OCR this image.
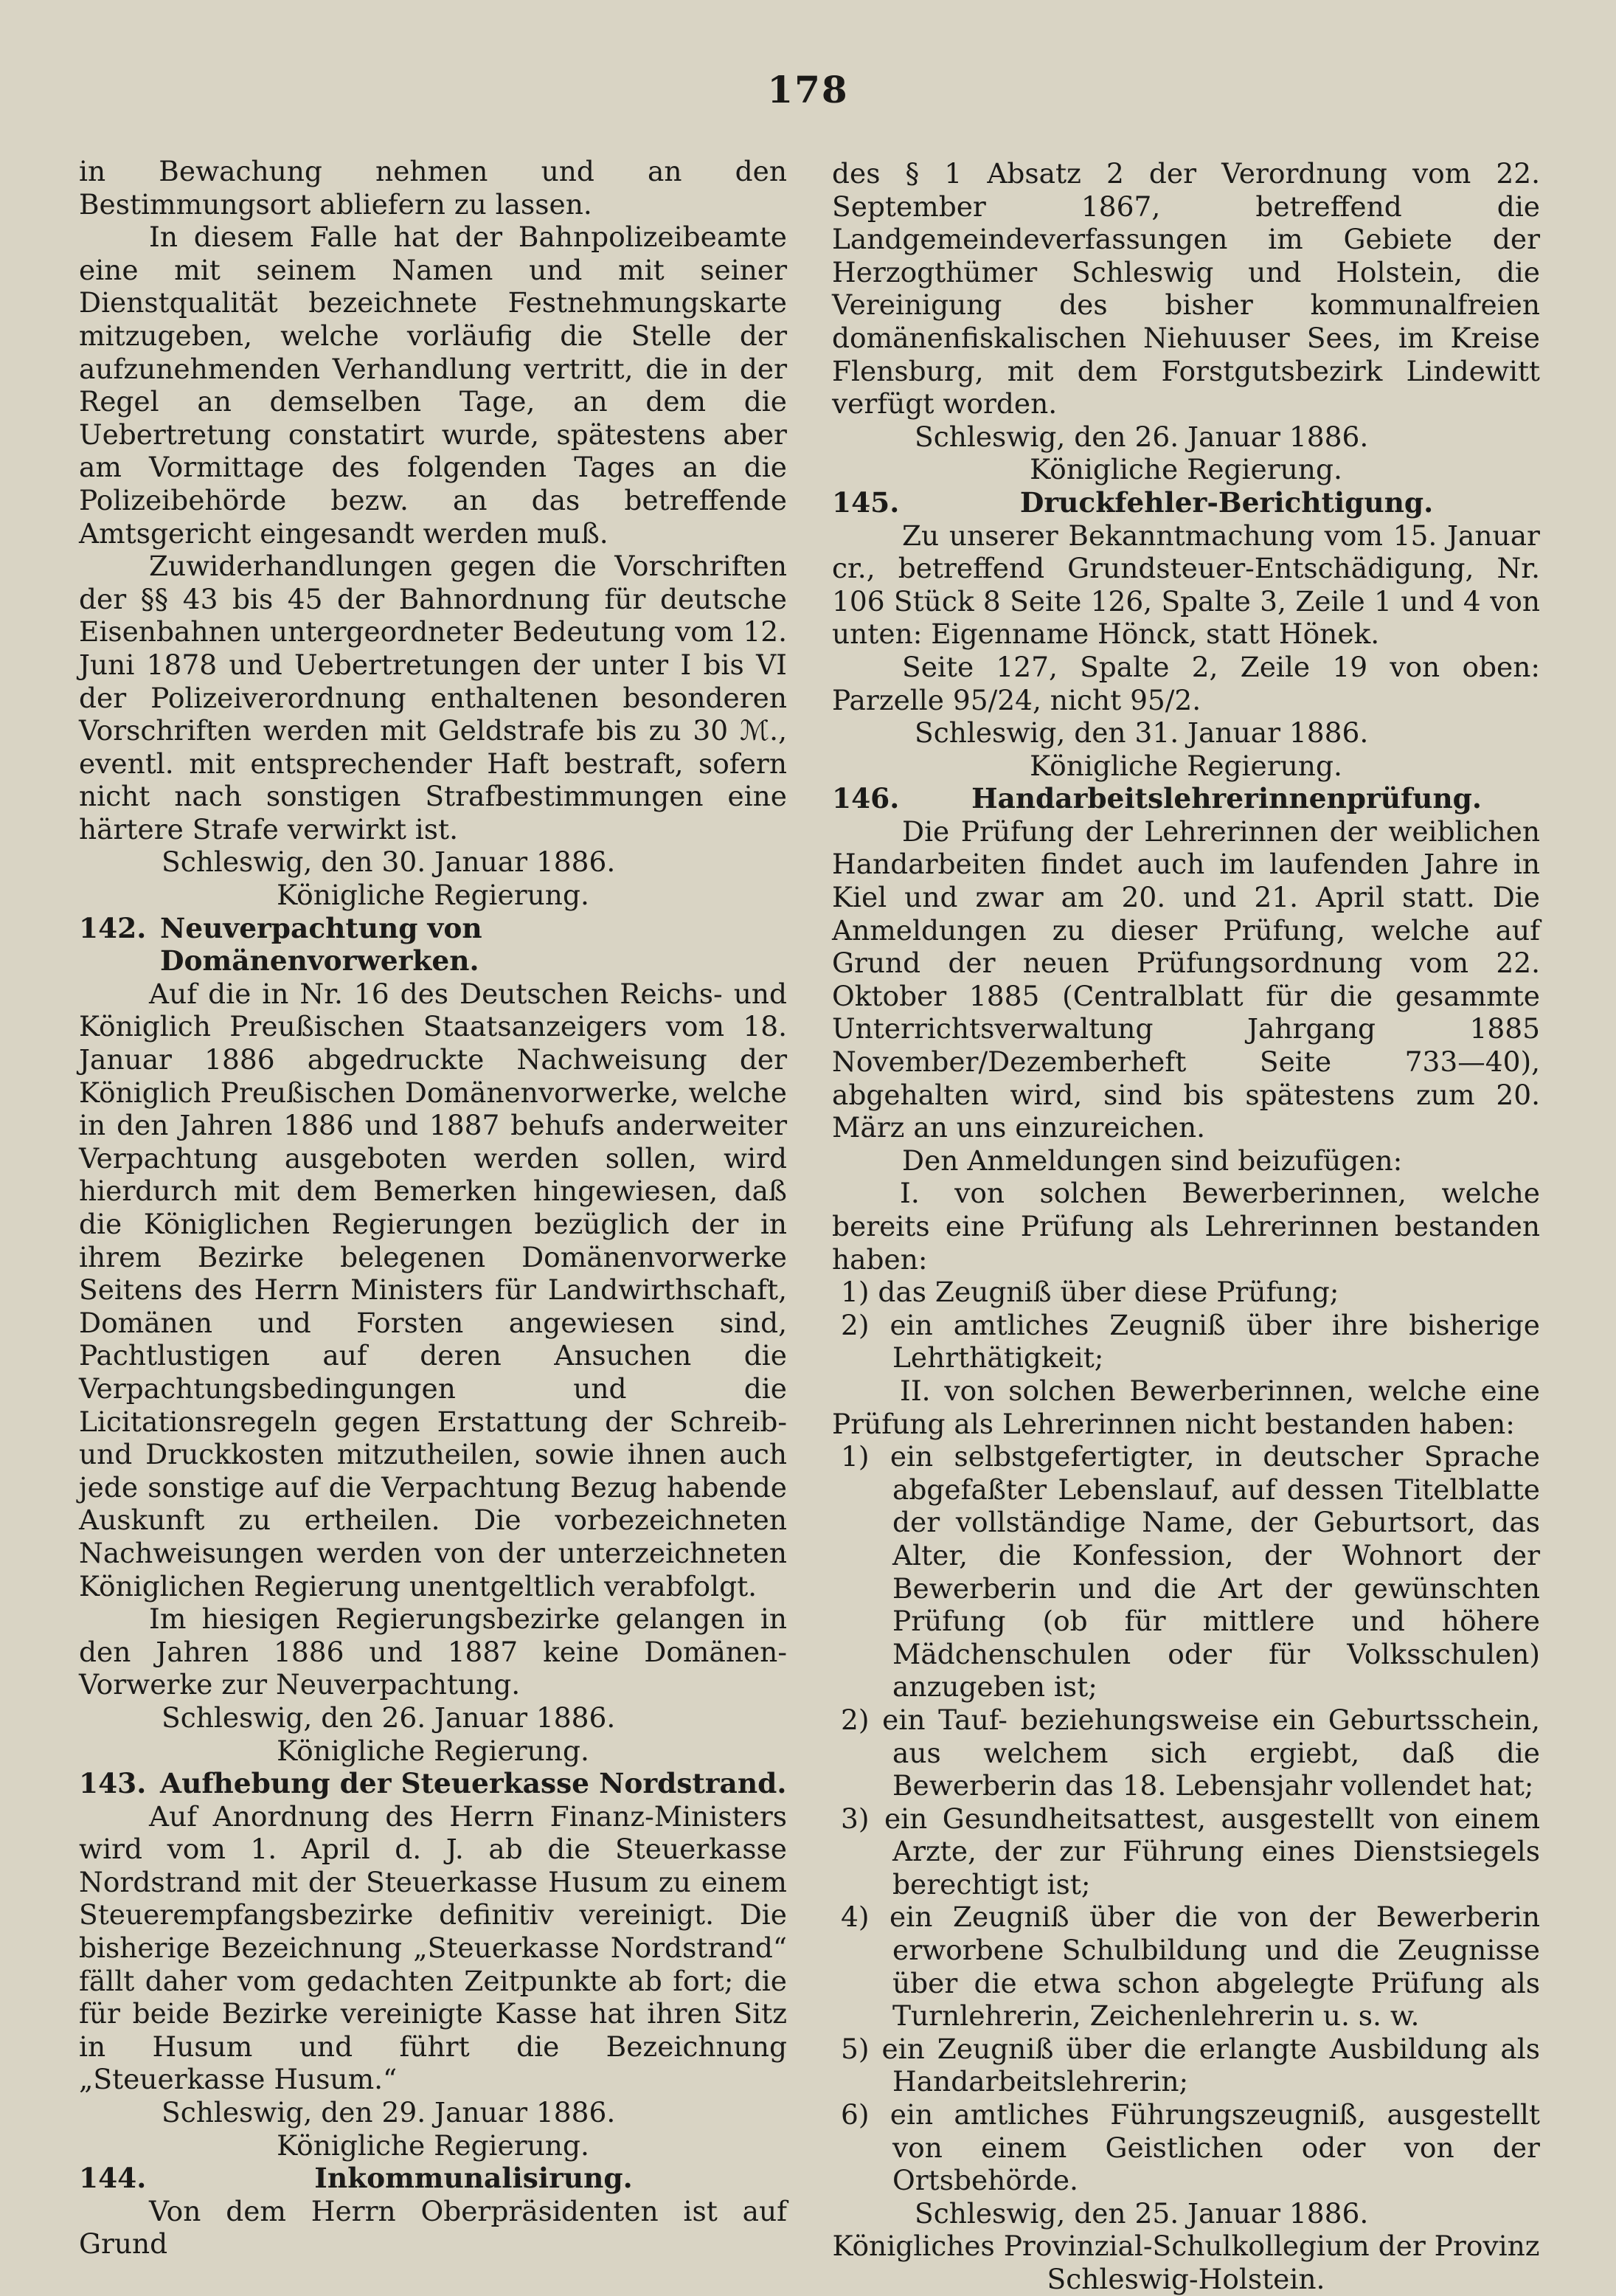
178

in Bewachung nehmen und an den Bestimmungsort abliefern zu lassen.

In diesem Falle hat der Bahnpolizeibeamte eine mit seinem Namen und mit seiner Dienstqualität bezeichnete Festnehmungskarte mitzugeben, welche vorläufig die Stelle der aufzunehmenden Verhandlung vertritt, die in der Regel an demselben Tage, an dem die Uebertretung constatirt wurde, spätestens aber am Vormittage des folgenden Tages an die Polizeibehörde bezw. an das betreffende Amtsgericht eingesandt werden muß.

Zuwiderhandlungen gegen die Vorschriften der §§ 43 bis 45 der Bahnordnung für deutsche Eisenbahnen untergeordneter Bedeutung vom 12. Juni 1878 und Uebertretungen der unter I bis VI der Polizeiverordnung enthaltenen besonderen Vorschriften werden mit Geldstrafe bis zu 30 ℳ., eventl. mit entsprechender Haft bestraft, sofern nicht nach sonstigen Strafbestimmungen eine härtere Strafe verwirkt ist.

Schleswig, den 30. Januar 1886.

Königliche Regierung.

142. Neuverpachtung von Domänenvorwerken.

Auf die in Nr. 16 des Deutschen Reichs- und Königlich Preußischen Staatsanzeigers vom 18. Januar 1886 abgedruckte Nachweisung der Königlich Preußischen Domänenvorwerke, welche in den Jahren 1886 und 1887 behufs anderweiter Verpachtung ausgeboten werden sollen, wird hierdurch mit dem Bemerken hingewiesen, daß die Königlichen Regierungen bezüglich der in ihrem Bezirke belegenen Domänenvorwerke Seitens des Herrn Ministers für Landwirthschaft, Domänen und Forsten angewiesen sind, Pachtlustigen auf deren Ansuchen die Verpachtungsbedingungen und die Licitationsregeln gegen Erstattung der Schreib- und Druckkosten mitzutheilen, sowie ihnen auch jede sonstige auf die Verpachtung Bezug habende Auskunft zu ertheilen. Die vorbezeichneten Nachweisungen werden von der unterzeichneten Königlichen Regierung unentgeltlich verabfolgt.

Im hiesigen Regierungsbezirke gelangen in den Jahren 1886 und 1887 keine Domänen-Vorwerke zur Neuverpachtung.

Schleswig, den 26. Januar 1886.

Königliche Regierung.

143. Aufhebung der Steuerkasse Nordstrand.

Auf Anordnung des Herrn Finanz-Ministers wird vom 1. April d. J. ab die Steuerkasse Nordstrand mit der Steuerkasse Husum zu einem Steuerempfangsbezirke definitiv vereinigt. Die bisherige Bezeichnung „Steuerkasse Nordstrand“ fällt daher vom gedachten Zeitpunkte ab fort; die für beide Bezirke vereinigte Kasse hat ihren Sitz in Husum und führt die Bezeichnung „Steuerkasse Husum.“

Schleswig, den 29. Januar 1886.

Königliche Regierung.

144.	Inkommunalisirung.

Von dem Herrn Oberpräsidenten ist auf Grund

des § 1 Absatz 2 der Verordnung vom 22. September 1867, betreffend die Landgemeindeverfassungen im Gebiete der Herzogthümer Schleswig und Holstein, die Vereinigung des bisher kommunalfreien domänenfiskalischen Niehuuser Sees, im Kreise Flensburg, mit dem Forstgutsbezirk Lindewitt verfügt worden.

Schleswig, den 26. Januar 1886.

Königliche Regierung.

145.	Druckfehler-Berichtigung.

Zu unserer Bekanntmachung vom 15. Januar cr., betreffend Grundsteuer-Entschädigung, Nr. 106 Stück 8 Seite 126, Spalte 3, Zeile 1 und 4 von unten: Eigenname Hönck, statt Hönek.

Seite 127, Spalte 2, Zeile 19 von oben: Parzelle 95/24, nicht 95/2.

Schleswig, den 31. Januar 1886.

Königliche Regierung.

146.	Handarbeitslehrerinnenprüfung.

Die Prüfung der Lehrerinnen der weiblichen Handarbeiten findet auch im laufenden Jahre in Kiel und zwar am 20. und 21. April statt. Die Anmeldungen zu dieser Prüfung, welche auf Grund der neuen Prüfungsordnung vom 22. Oktober 1885 (Centralblatt für die gesammte Unterrichtsverwaltung Jahrgang 1885 November/Dezemberheft Seite 733—40), abgehalten wird, sind bis spätestens zum 20. März an uns einzureichen.

Den Anmeldungen sind beizufügen:

I. von solchen Bewerberinnen, welche bereits eine Prüfung als Lehrerinnen bestanden haben:

1) das Zeugniß über diese Prüfung;

2) ein amtliches Zeugniß über ihre bisherige Lehrthätigkeit;

II. von solchen Bewerberinnen, welche eine Prüfung als Lehrerinnen nicht bestanden haben:

1) ein selbstgefertigter, in deutscher Sprache abgefaßter Lebenslauf, auf dessen Titelblatte der vollständige Name, der Geburtsort, das Alter, die Konfession, der Wohnort der Bewerberin und die Art der gewünschten Prüfung (ob für mittlere und höhere Mädchenschulen oder für Volksschulen) anzugeben ist;

2) ein Tauf- beziehungsweise ein Geburtsschein, aus welchem sich ergiebt, daß die Bewerberin das 18. Lebensjahr vollendet hat;

3) ein Gesundheitsattest, ausgestellt von einem Arzte, der zur Führung eines Dienstsiegels berechtigt ist;

4) ein Zeugniß über die von der Bewerberin erworbene Schulbildung und die Zeugnisse über die etwa schon abgelegte Prüfung als Turnlehrerin, Zeichenlehrerin u. s. w.

5) ein Zeugniß über die erlangte Ausbildung als Handarbeitslehrerin;

6) ein amtliches Führungszeugniß, ausgestellt von einem Geistlichen oder von der Ortsbehörde.

Schleswig, den 25. Januar 1886.

Königliches Provinzial-Schulkollegium der Provinz Schleswig-Holstein.
